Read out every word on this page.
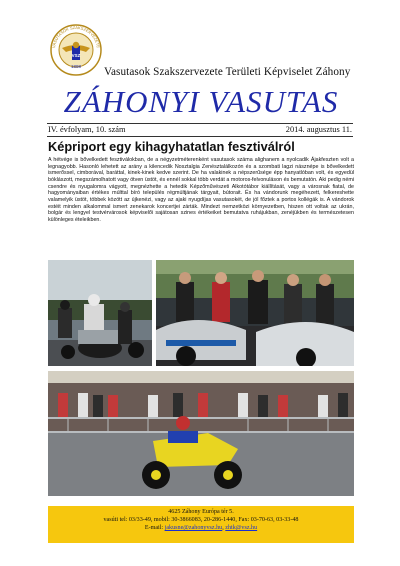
1898
VSZ
VASUTASOK SZAKSZERVEZETE
Vasutasok Szakszervezete Területi Képviselet Záhony
ZÁHONYI VASUTAS
IV. évfolyam, 10. szám	2014. augusztus 11.
Képriport egy kihagyhatatlan fesztiválról
A hétvége is bővelkedett fesztiválokban, de a négyzetméterenként vasutasok száma alighanem a nyolcadik Ájakfeszten volt a legnagyobb. Hasonló lehetett az arány a kilencedik Nosztalgia Zenésztalálkozón és a szombati lagzi násznépe is bővelkedett ismerőssel, cimborával, baráttal, kinek-kinek kedve szerint. De ha valakinek a népszerűsége épp hanyatlóban volt, és egyedül bóklászott, megszámolhatott vagy ötven üstöt, és ennél sokkal több verdát a motoros-felvonuláson és bemutatón. Aki pedig némi csendre és nyugalomra vágyott, megnézhette a hetedik Képzőművészeti Alkotótábor kiállítását, vagy a városnak fiatal, de hagyományaiban értékes múlttal bíró település régmúltjának tárgyait, bútorait. És ha vándorunk megéhezett, felkereshette valamelyik üstöt, többek között az újkenézi, vagy az ajaki nyugdíjas vasutasokét, de jól főztek a portos kollégák is. A vándorok estéit minden alkalommal ismert zenekarok koncertjei zárták. Mindezt nemzetközi környezetben, hiszen ott voltak az ukrán, bolgár és lengyel testvérvárosok képviselői sajátosan szines értékeiket bemutatva ruhájukban, zenéjükben és természetesen különleges ételeikben.
4625 Záhony Európa tér 5.
vasúti tel: 03/33-49, mobil: 30-3866083, 20-286-1440, Fax: 03-70-63, 03-33-48
E-mail: jakusne@zahonyvsz.hu, zhtk@vsz.hu
